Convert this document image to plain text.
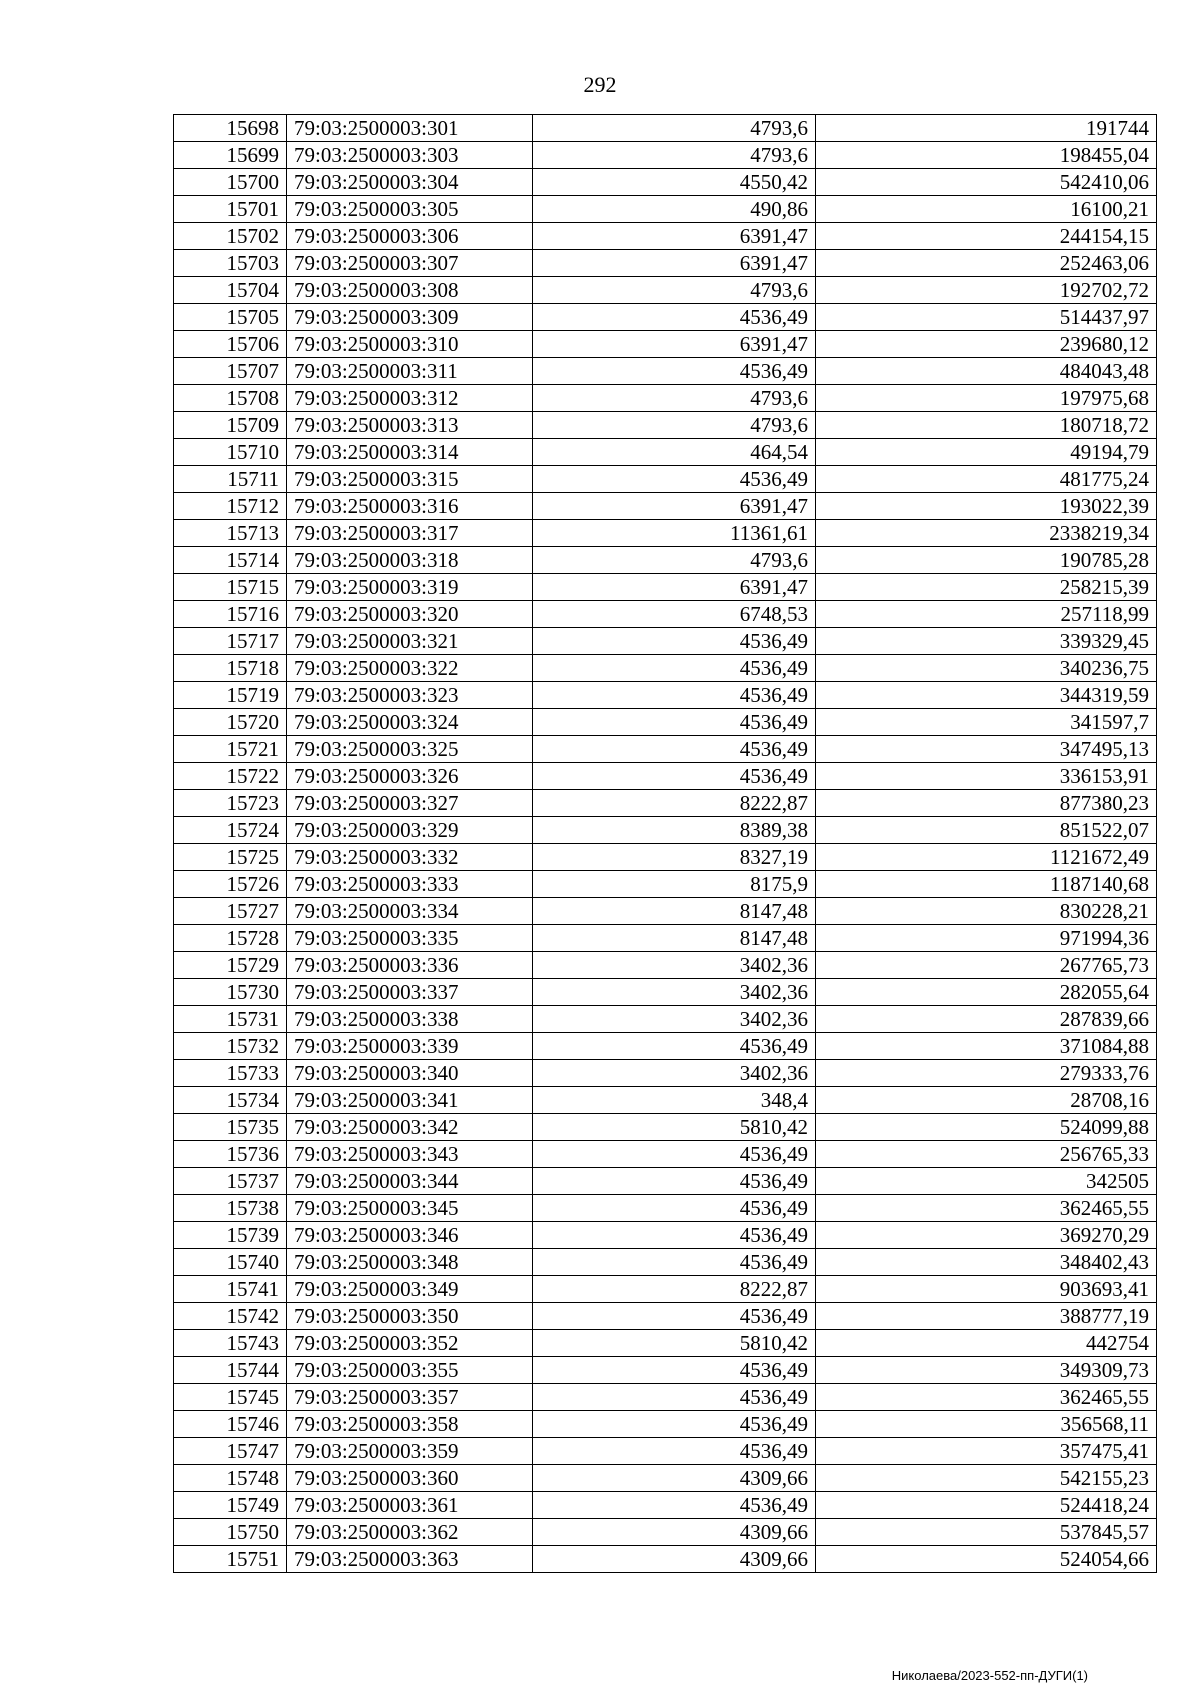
292
15698	79:03:2500003:301	4793,6	191744
15699	79:03:2500003:303	4793,6	198455,04
15700	79:03:2500003:304	4550,42	542410,06
15701	79:03:2500003:305	490,86	16100,21
15702	79:03:2500003:306	6391,47	244154,15
15703	79:03:2500003:307	6391,47	252463,06
15704	79:03:2500003:308	4793,6	192702,72
15705	79:03:2500003:309	4536,49	514437,97
15706	79:03:2500003:310	6391,47	239680,12
15707	79:03:2500003:311	4536,49	484043,48
15708	79:03:2500003:312	4793,6	197975,68
15709	79:03:2500003:313	4793,6	180718,72
15710	79:03:2500003:314	464,54	49194,79
15711	79:03:2500003:315	4536,49	481775,24
15712	79:03:2500003:316	6391,47	193022,39
15713	79:03:2500003:317	11361,61	2338219,34
15714	79:03:2500003:318	4793,6	190785,28
15715	79:03:2500003:319	6391,47	258215,39
15716	79:03:2500003:320	6748,53	257118,99
15717	79:03:2500003:321	4536,49	339329,45
15718	79:03:2500003:322	4536,49	340236,75
15719	79:03:2500003:323	4536,49	344319,59
15720	79:03:2500003:324	4536,49	341597,7
15721	79:03:2500003:325	4536,49	347495,13
15722	79:03:2500003:326	4536,49	336153,91
15723	79:03:2500003:327	8222,87	877380,23
15724	79:03:2500003:329	8389,38	851522,07
15725	79:03:2500003:332	8327,19	1121672,49
15726	79:03:2500003:333	8175,9	1187140,68
15727	79:03:2500003:334	8147,48	830228,21
15728	79:03:2500003:335	8147,48	971994,36
15729	79:03:2500003:336	3402,36	267765,73
15730	79:03:2500003:337	3402,36	282055,64
15731	79:03:2500003:338	3402,36	287839,66
15732	79:03:2500003:339	4536,49	371084,88
15733	79:03:2500003:340	3402,36	279333,76
15734	79:03:2500003:341	348,4	28708,16
15735	79:03:2500003:342	5810,42	524099,88
15736	79:03:2500003:343	4536,49	256765,33
15737	79:03:2500003:344	4536,49	342505
15738	79:03:2500003:345	4536,49	362465,55
15739	79:03:2500003:346	4536,49	369270,29
15740	79:03:2500003:348	4536,49	348402,43
15741	79:03:2500003:349	8222,87	903693,41
15742	79:03:2500003:350	4536,49	388777,19
15743	79:03:2500003:352	5810,42	442754
15744	79:03:2500003:355	4536,49	349309,73
15745	79:03:2500003:357	4536,49	362465,55
15746	79:03:2500003:358	4536,49	356568,11
15747	79:03:2500003:359	4536,49	357475,41
15748	79:03:2500003:360	4309,66	542155,23
15749	79:03:2500003:361	4536,49	524418,24
15750	79:03:2500003:362	4309,66	537845,57
15751	79:03:2500003:363	4309,66	524054,66
Николаева/2023-552-пп-ДУГИ(1)
